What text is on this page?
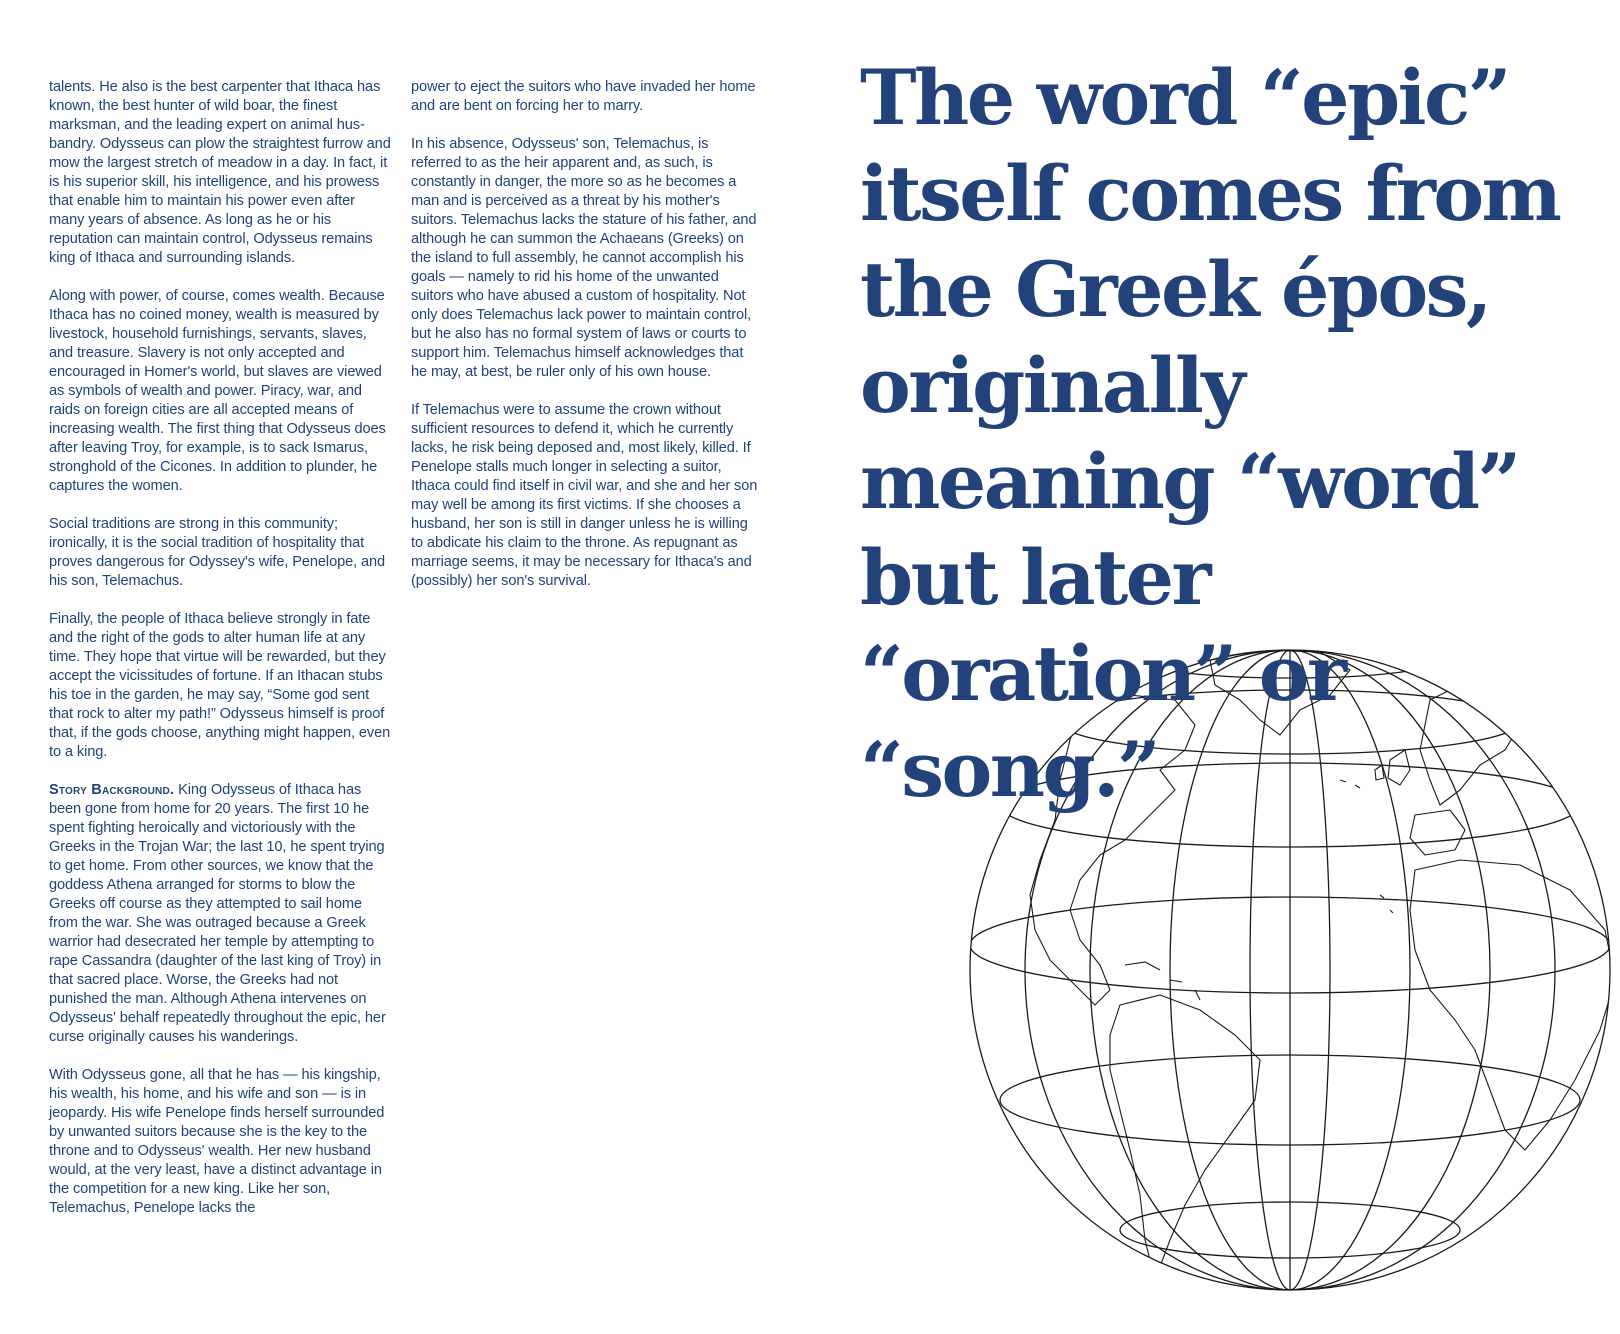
talents. He also is the best carpenter that Ithaca has known, the best hunter of wild boar, the finest marksman, and the leading expert on animal husbandry. Odysseus can plow the straightest furrow and mow the largest stretch of meadow in a day. In fact, it is his superior skill, his intelligence, and his prowess that enable him to maintain his power even after many years of absence. As long as he or his reputation can maintain control, Odysseus remains king of Ithaca and surrounding islands.

Along with power, of course, comes wealth. Because Ithaca has no coined money, wealth is measured by livestock, household furnishings, servants, slaves, and treasure. Slavery is not only accepted and encouraged in Homer's world, but slaves are viewed as symbols of wealth and power. Piracy, war, and raids on foreign cities are all accepted means of increasing wealth. The first thing that Odysseus does after leaving Troy, for example, is to sack Ismarus, stronghold of the Cicones. In addition to plunder, he captures the women.

Social traditions are strong in this community; ironically, it is the social tradition of hospitality that proves dangerous for Odyssey's wife, Penelope, and his son, Telemachus.

Finally, the people of Ithaca believe strongly in fate and the right of the gods to alter human life at any time. They hope that virtue will be rewarded, but they accept the vicissitudes of fortune. If an Ithacan stubs his toe in the garden, he may say, “Some god sent that rock to alter my path!” Odysseus himself is proof that, if the gods choose, anything might happen, even to a king.

Story Background. King Odysseus of Ithaca has been gone from home for 20 years. The first 10 he spent fighting heroically and victoriously with the Greeks in the Trojan War; the last 10, he spent trying to get home. From other sources, we know that the goddess Athena arranged for storms to blow the Greeks off course as they attempted to sail home from the war. She was outraged because a Greek warrior had desecrated her temple by attempting to rape Cassandra (daughter of the last king of Troy) in that sacred place. Worse, the Greeks had not punished the man. Although Athena intervenes on Odysseus' behalf repeatedly throughout the epic, her curse originally causes his wanderings.

With Odysseus gone, all that he has — his kingship, his wealth, his home, and his wife and son — is in jeopardy. His wife Penelope finds herself surrounded by unwanted suitors because she is the key to the throne and to Odysseus' wealth. Her new husband would, at the very least, have a distinct advantage in the competition for a new king. Like her son, Telemachus, Penelope lacks the

power to eject the suitors who have invaded her home and are bent on forcing her to marry.

In his absence, Odysseus' son, Telemachus, is referred to as the heir apparent and, as such, is constantly in danger, the more so as he becomes a man and is perceived as a threat by his mother's suitors. Telemachus lacks the stature of his father, and although he can summon the Achaeans (Greeks) on the island to full assembly, he cannot accomplish his goals — namely to rid his home of the unwanted suitors who have abused a custom of hospitality. Not only does Telemachus lack power to maintain control, but he also has no formal system of laws or courts to support him. Telemachus himself acknowledges that he may, at best, be ruler only of his own house.

If Telemachus were to assume the crown without sufficient resources to defend it, which he currently lacks, he risk being deposed and, most likely, killed. If Penelope stalls much longer in selecting a suitor, Ithaca could find itself in civil war, and she and her son may well be among its first victims. If she chooses a husband, her son is still in danger unless he is willing to abdicate his claim to the throne. As repugnant as marriage seems, it may be necessary for Ithaca's and (possibly) her son's survival.

The word “epic” itself comes from the Greek épos, originally meaning “word” but later “oration” or “song.”
